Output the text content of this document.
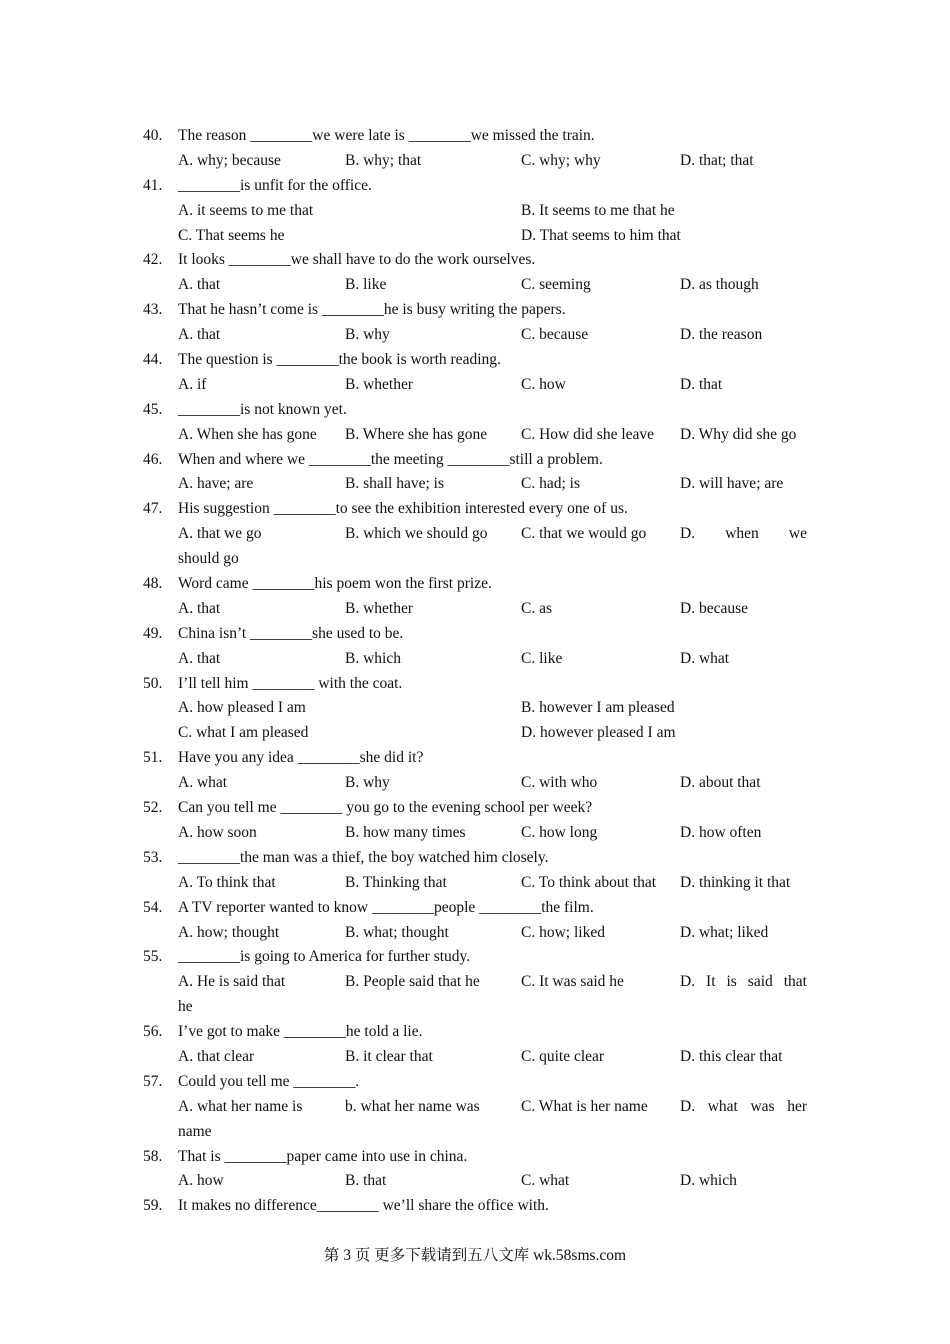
40. The reason ________we were late is ________we missed the train.
A. why; because	B. why; that	C. why; why	D. that; that
41. ________is unfit for the office.
A. it seems to me that	B. It seems to me that he
C. That seems he	D. That seems to him that
42. It looks ________we shall have to do the work ourselves.
A. that	B. like	C. seeming	D. as though
43. That he hasn’t come is ________he is busy writing the papers.
A. that	B. why	C. because	D. the reason
44. The question is ________the book is worth reading.
A. if	B. whether	C. how	D. that
45. ________is not known yet.
A. When she has gone B. Where she has gone C. How did she leave D. Why did she go
46. When and where we ________the meeting ________still a problem.
A. have; are	B. shall have; is	C. had; is	D. will have; are
47. His suggestion ________to see the exhibition interested every one of us.
A. that we go	B. which we should go C. that we would go D. when we
should go
48. Word came ________his poem won the first prize.
A. that	B. whether	C. as	D. because
49. China isn’t ________she used to be.
A. that	B. which	C. like	D. what
50. I’ll tell him ________ with the coat.
A. how pleased I am	B. however I am pleased
C. what I am pleased	D. however pleased I am
51. Have you any idea ________she did it?
A. what	B. why	C. with who	D. about that
52. Can you tell me ________ you go to the evening school per week?
A. how soon	B. how many times	C. how long	D. how often
53. ________the man was a thief, the boy watched him closely.
A. To think that	B. Thinking that	C. To think about that D. thinking it that
54. A TV reporter wanted to know ________people ________the film.
A. how; thought	B. what; thought	C. how; liked	D. what; liked
55. ________is going to America for further study.
A. He is said that	B. People said that he	C. It was said he	D. It is said that
he
56. I’ve got to make ________he told a lie.
A. that clear	B. it clear that	C. quite clear	D. this clear that
57. Could you tell me ________.
A. what her name is	b. what her name was	C. What is her name D. what was her
name
58. That is ________paper came into use in china.
A. how	B. that	C. what	D. which
59. It makes no difference________ we’ll share the office with.
第 3 页 更多下载请到五八文库 wk.58sms.com
